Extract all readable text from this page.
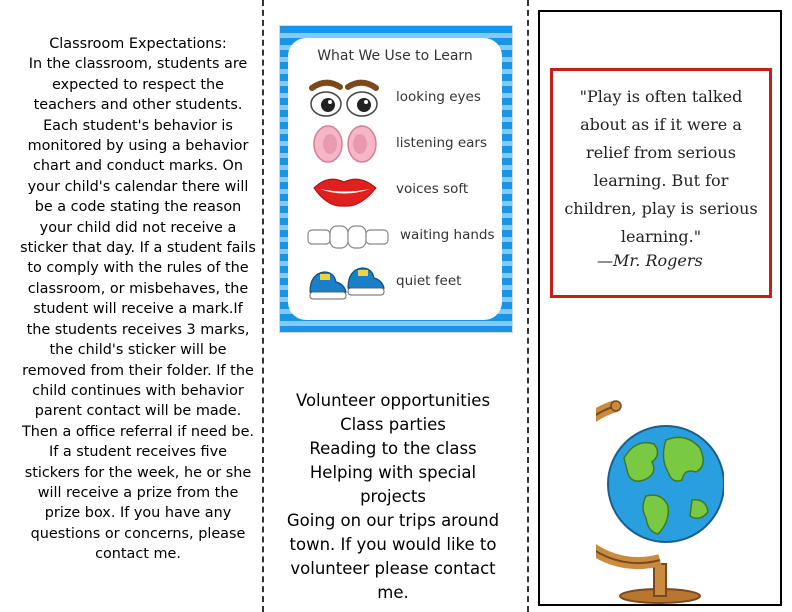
Classroom Expectations:
In the classroom, students are expected to respect the teachers and other students. Each student's behavior is monitored by using a behavior chart and conduct marks. On your child's calendar there will be a code stating the reason your child did not receive a sticker that day. If a student fails to comply with the rules of the classroom, or misbehaves, the student will receive a mark.If the students receives 3 marks, the child's sticker will be removed from their folder. If the child continues with behavior parent contact will be made. Then a office referral if need be. If a student receives five stickers for the week, he or she will receive a prize from the prize box. If you have any questions or concerns, please contact me.
What We Use to Learn
looking eyes
listening ears
voices soft
waiting hands
quiet feet
Volunteer opportunities
Class parties
Reading to the class
Helping with special projects
Going on our trips around town. If you would like to volunteer please contact me.
"Play is often talked about as if it were a relief from serious learning. But for children, play is serious learning."
—Mr. Rogers
